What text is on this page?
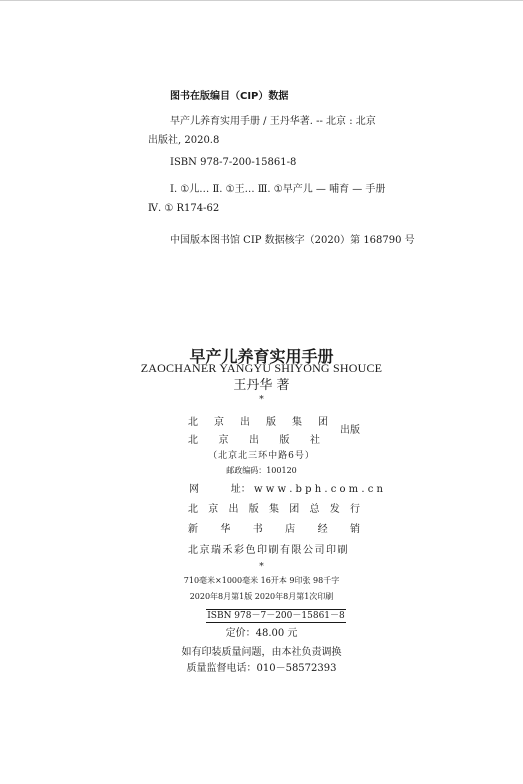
图书在版编目（CIP）数据
早产儿养育实用手册 / 王丹华著. -- 北京 : 北京
出版社, 2020.8
ISBN 978-7-200-15861-8
Ⅰ. ①儿… Ⅱ. ①王… Ⅲ. ①早产儿 — 哺育 — 手册
Ⅳ. ① R174-62
中国版本图书馆 CIP 数据核字（2020）第 168790 号
早产儿养育实用手册
ZAOCHANER YANGYU SHIYONG SHOUCE
王丹华 著
*
北 京 出 版 集 团
北 京 出 版 社
出版
（北京北三环中路6号）
邮政编码：100120
网          址： w w w . b p h . c o m . c n
北 京 出 版 集 团 总 发 行
新 华 书 店 经 销
北京瑞禾彩色印刷有限公司印刷
*
710毫米×1000毫米 16开本 9印张 98千字
2020年8月第1版 2020年8月第1次印刷
ISBN 978－7－200－15861－8
定价：48.00 元
如有印装质量问题，由本社负责调换
质量监督电话：010－58572393
